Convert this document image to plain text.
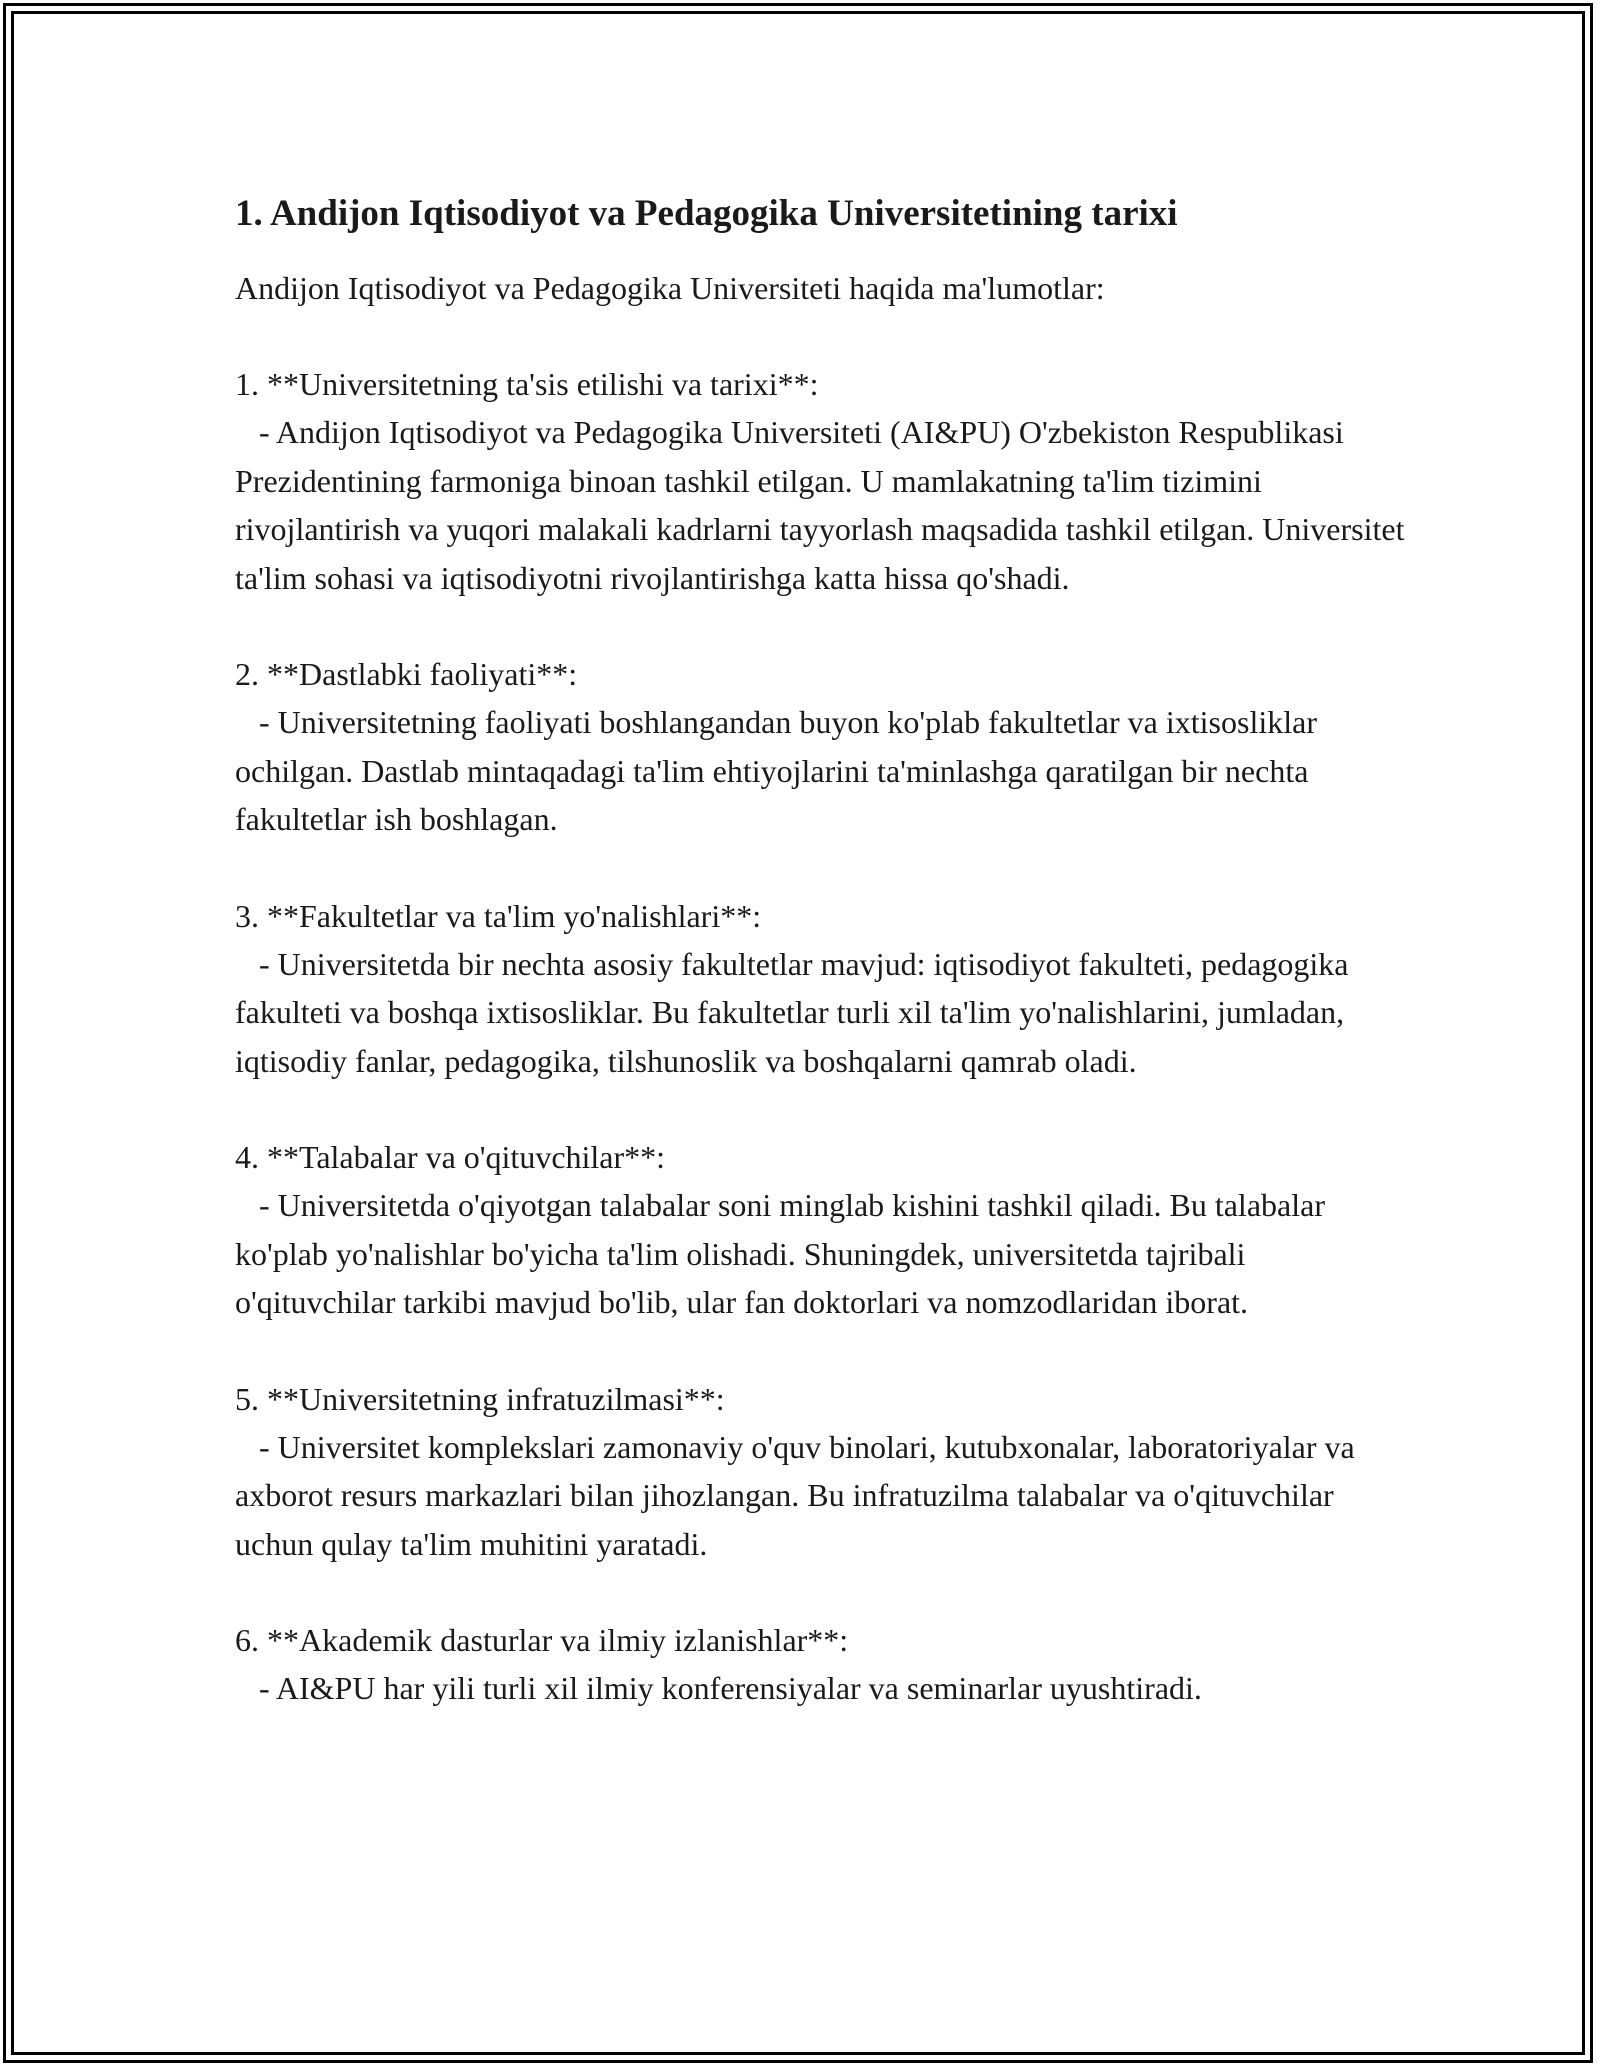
1. Andijon Iqtisodiyot va Pedagogika Universitetining tarixi

Andijon Iqtisodiyot va Pedagogika Universiteti haqida ma'lumotlar:

1. **Universitetning ta'sis etilishi va tarixi**:

- Andijon Iqtisodiyot va Pedagogika Universiteti (AI&PU) O'zbekiston Respublikasi Prezidentining farmoniga binoan tashkil etilgan. U mamlakatning ta'lim tizimini rivojlantirish va yuqori malakali kadrlarni tayyorlash maqsadida tashkil etilgan. Universitet ta'lim sohasi va iqtisodiyotni rivojlantirishga katta hissa qo'shadi.

2. **Dastlabki faoliyati**:

- Universitetning faoliyati boshlangandan buyon ko'plab fakultetlar va ixtisosliklar ochilgan. Dastlab mintaqadagi ta'lim ehtiyojlarini ta'minlashga qaratilgan bir nechta fakultetlar ish boshlagan.

3. **Fakultetlar va ta'lim yo'nalishlari**:

- Universitetda bir nechta asosiy fakultetlar mavjud: iqtisodiyot fakulteti, pedagogika fakulteti va boshqa ixtisosliklar. Bu fakultetlar turli xil ta'lim yo'nalishlarini, jumladan, iqtisodiy fanlar, pedagogika, tilshunoslik va boshqalarni qamrab oladi.

4. **Talabalar va o'qituvchilar**:

- Universitetda o'qiyotgan talabalar soni minglab kishini tashkil qiladi. Bu talabalar ko'plab yo'nalishlar bo'yicha ta'lim olishadi. Shuningdek, universitetda tajribali o'qituvchilar tarkibi mavjud bo'lib, ular fan doktorlari va nomzodlaridan iborat.

5. **Universitetning infratuzilmasi**:

- Universitet komplekslari zamonaviy o'quv binolari, kutubxonalar, laboratoriyalar va axborot resurs markazlari bilan jihozlangan. Bu infratuzilma talabalar va o'qituvchilar uchun qulay ta'lim muhitini yaratadi.

6. **Akademik dasturlar va ilmiy izlanishlar**:

- AI&PU har yili turli xil ilmiy konferensiyalar va seminarlar uyushtiradi.
